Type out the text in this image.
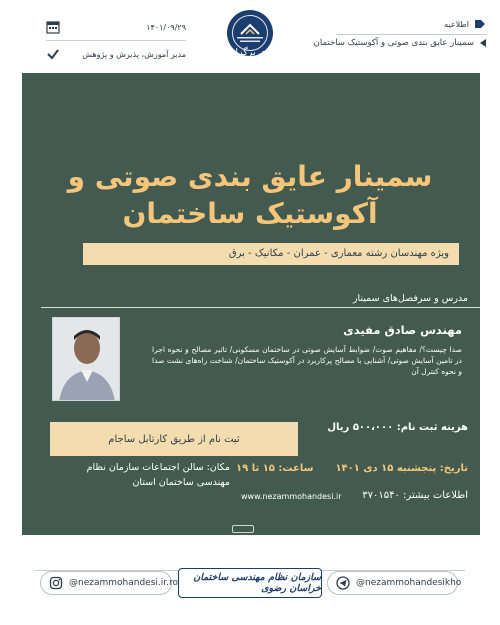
اطلاعیه
سمینار عایق بندی صوتی و آکوستیک ساختمان
۱۴۰۱/۰۹/۲۹
مدیر آموزش، پذیرش و پژوهش	آموزش سازمان نظام مهندسی ساختمان خراسان رضوی برگزار میکند:
سمینار عایق بندی صوتی و
آکوستیک ساختمان
ویژه مهندسان رشته معماری - عمران - مکانیک - برق
مدرس و سرفصل‌های سمینار
مهندس صادق مفیدی
صدا چیست؟/ مفاهیم صوت/ ضوابط آسایش صوتی در ساختمان مسکونی/ تاثیر مصالح و نحوه اجرا در تامین آسایش صوتی/ آشنایی با مصالح پرکاربرد در آکوستیک ساختمان/ شناخت راه‌های نشت صدا و نحوه کنترل آن
هزینه ثبت نام: ۵۰۰،۰۰۰ ریال
ثبت نام از طریق کارتابل ساجام
تاریخ: پنجشنبه ۱۵ دی ۱۴۰۱
ساعت: ۱۵ تا ۱۹
مکان: سالن اجتماعات سازمان نظام مهندسی ساختمان استان
اطلاعات بیشتر: ۳۷۰۱۵۴۰
www.nezammohandesi.ir
@nezammohandesi.ir.ro	سازمان نظام مهندسی ساختمان خراسان رضوی	@nezammohandesikho
